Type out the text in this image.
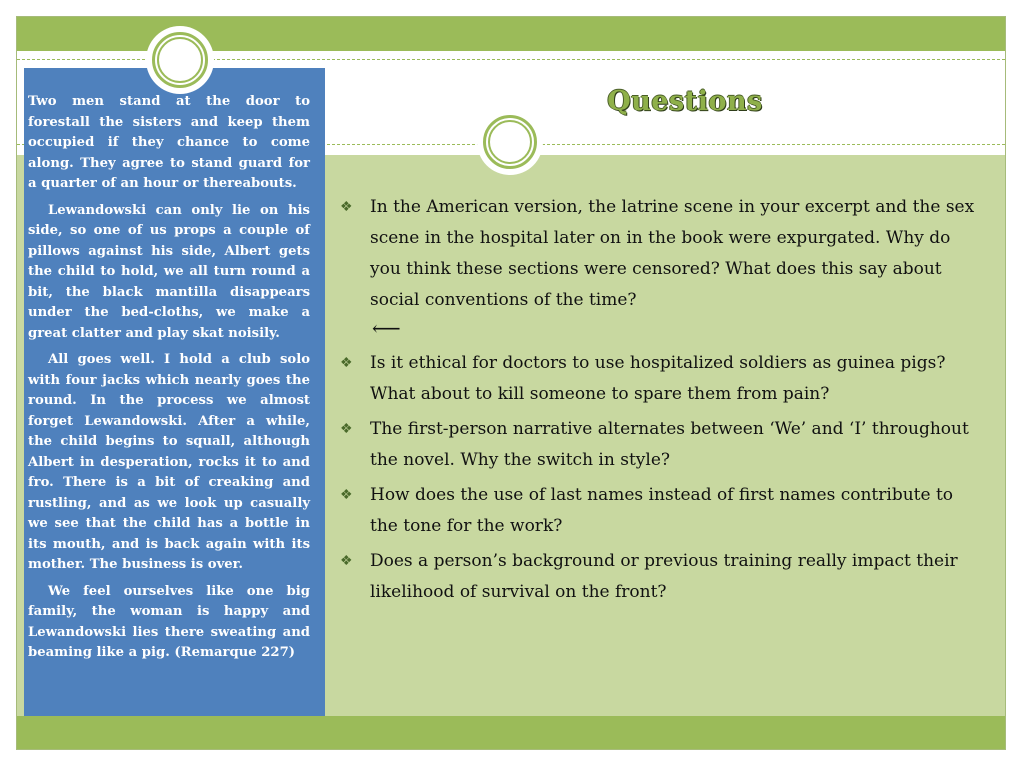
Two men stand at the door to forestall the sisters and keep them occupied if they chance to come along. They agree to stand guard for a quarter of an hour or thereabouts.

Lewandowski can only lie on his side, so one of us props a couple of pillows against his side, Albert gets the child to hold, we all turn round a bit, the black mantilla disappears under the bed-cloths, we make a great clatter and play skat noisily.

All goes well. I hold a club solo with four jacks which nearly goes the round. In the process we almost forget Lewandowski. After a while, the child begins to squall, although Albert in desperation, rocks it to and fro. There is a bit of creaking and rustling, and as we look up casually we see that the child has a bottle in its mouth, and is back again with its mother. The business is over.

We feel ourselves like one big family, the woman is happy and Lewandowski lies there sweating and beaming like a pig. (Remarque 227)

Questions
❖ In the American version, the latrine scene in your excerpt and the sex scene in the hospital later on in the book were expurgated. Why do you think these sections were censored? What does this say about social conventions of the time?
⟵
❖ Is it ethical for doctors to use hospitalized soldiers as guinea pigs? What about to kill someone to spare them from pain?
❖ The first-person narrative alternates between ‘We’ and ‘I’ throughout the novel. Why the switch in style?
❖ How does the use of last names instead of first names contribute to the tone for the work?
❖ Does a person’s background or previous training really impact their likelihood of survival on the front?
